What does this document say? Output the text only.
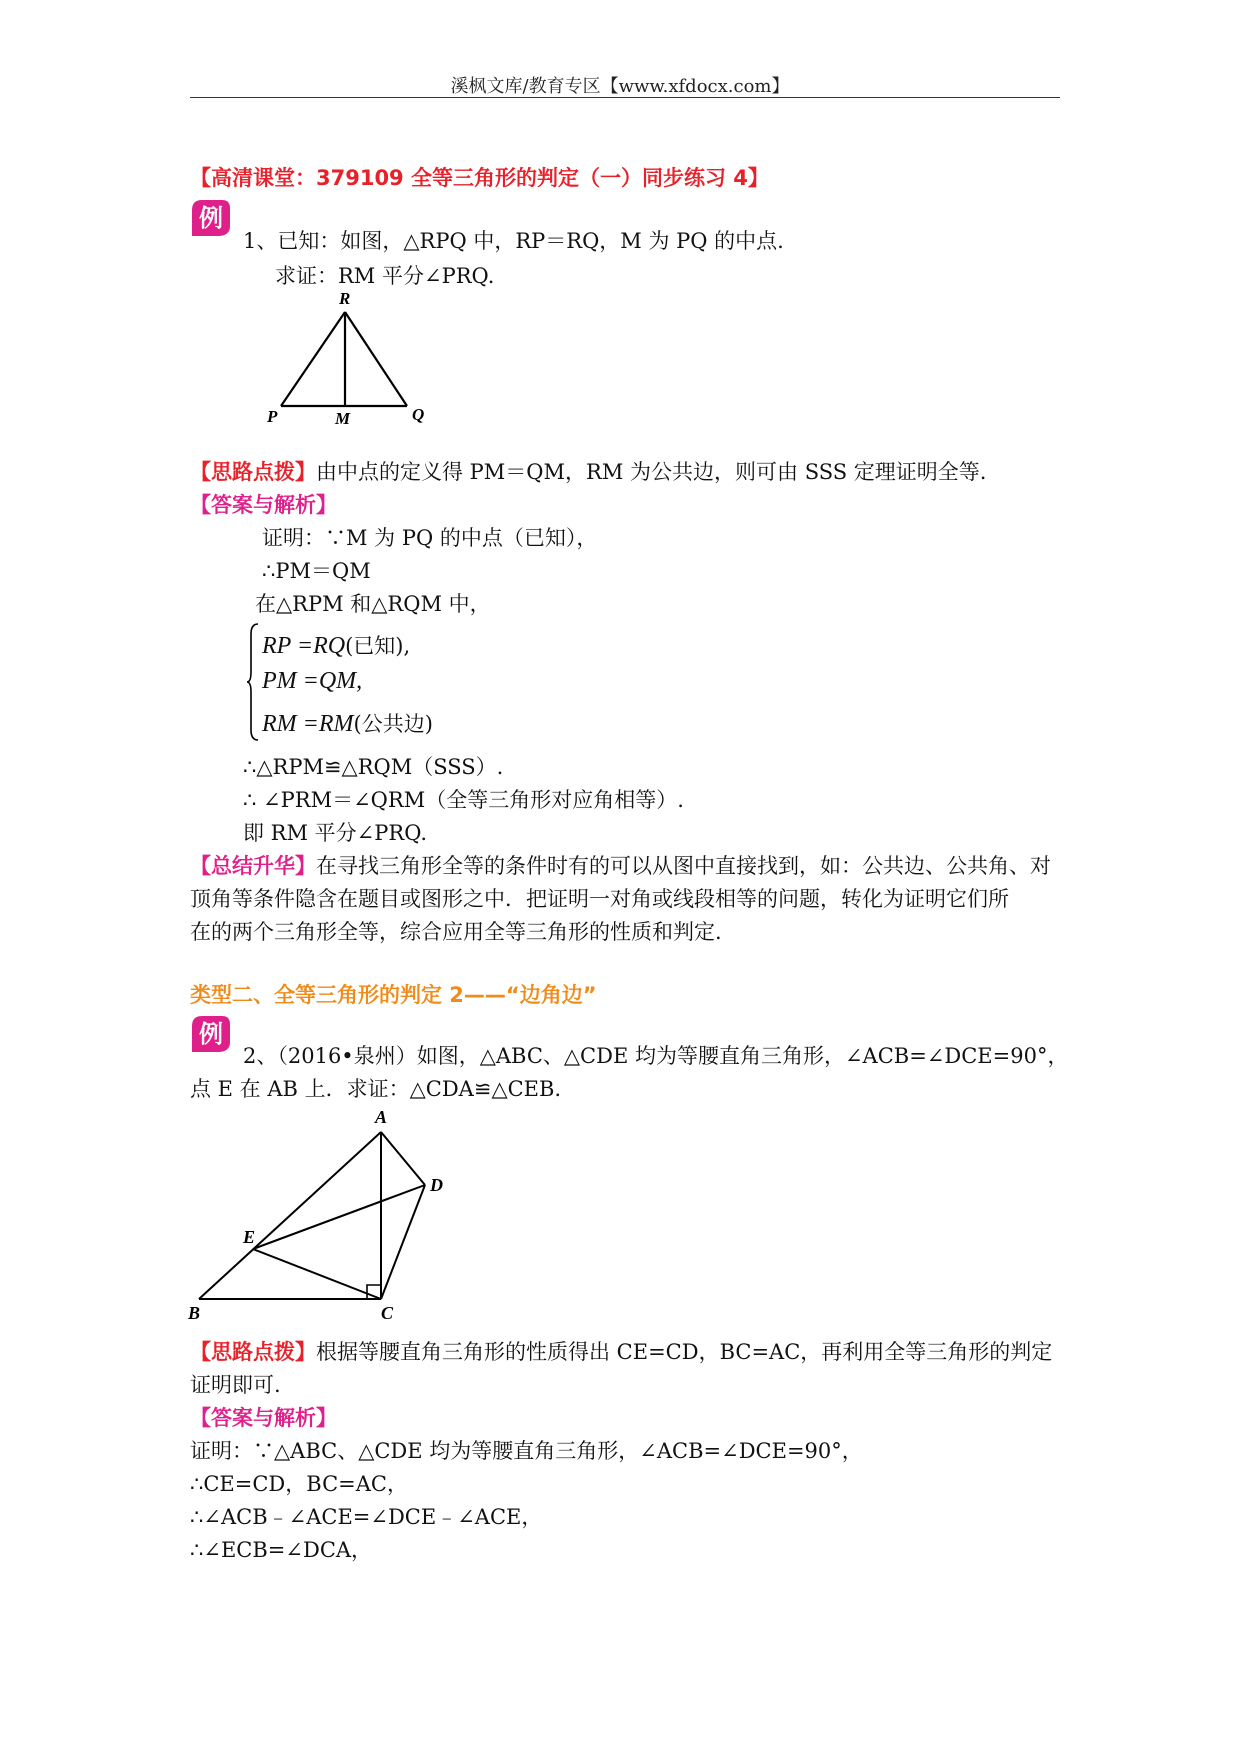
溪枫文库/教育专区【www.xfdocx.com】
【高清课堂：379109 全等三角形的判定（一）同步练习 4】
例
1、已知：如图，△RPQ 中，RP＝RQ，M 为 PQ 的中点.
求证：RM 平分∠PRQ.
R
P	M	Q
【思路点拨】由中点的定义得 PM＝QM，RM 为公共边，则可由 SSS 定理证明全等.
【答案与解析】
证明：∵M 为 PQ 的中点（已知），
∴PM＝QM
在△RPM 和△RQM 中，
RP =RQ(已知),
PM =QM,
RM =RM(公共边)
∴△RPM≌△RQM（SSS）.
∴ ∠PRM＝∠QRM（全等三角形对应角相等）.
即 RM 平分∠PRQ.
【总结升华】在寻找三角形全等的条件时有的可以从图中直接找到，如：公共边、公共角、对
顶角等条件隐含在题目或图形之中．把证明一对角或线段相等的问题，转化为证明它们所
在的两个三角形全等，综合应用全等三角形的性质和判定.
类型二、全等三角形的判定 2——“边角边”
例
2、（2016•泉州）如图，△ABC、△CDE 均为等腰直角三角形，∠ACB=∠DCE=90°，
点 E 在 AB 上．求证：△CDA≌△CEB.
A
D
E
B	C
【思路点拨】根据等腰直角三角形的性质得出 CE=CD，BC=AC，再利用全等三角形的判定
证明即可.
【答案与解析】
证明：∵△ABC、△CDE 均为等腰直角三角形，∠ACB=∠DCE=90°，
∴CE=CD，BC=AC，
∴∠ACB﹣∠ACE=∠DCE﹣∠ACE，
∴∠ECB=∠DCA，
